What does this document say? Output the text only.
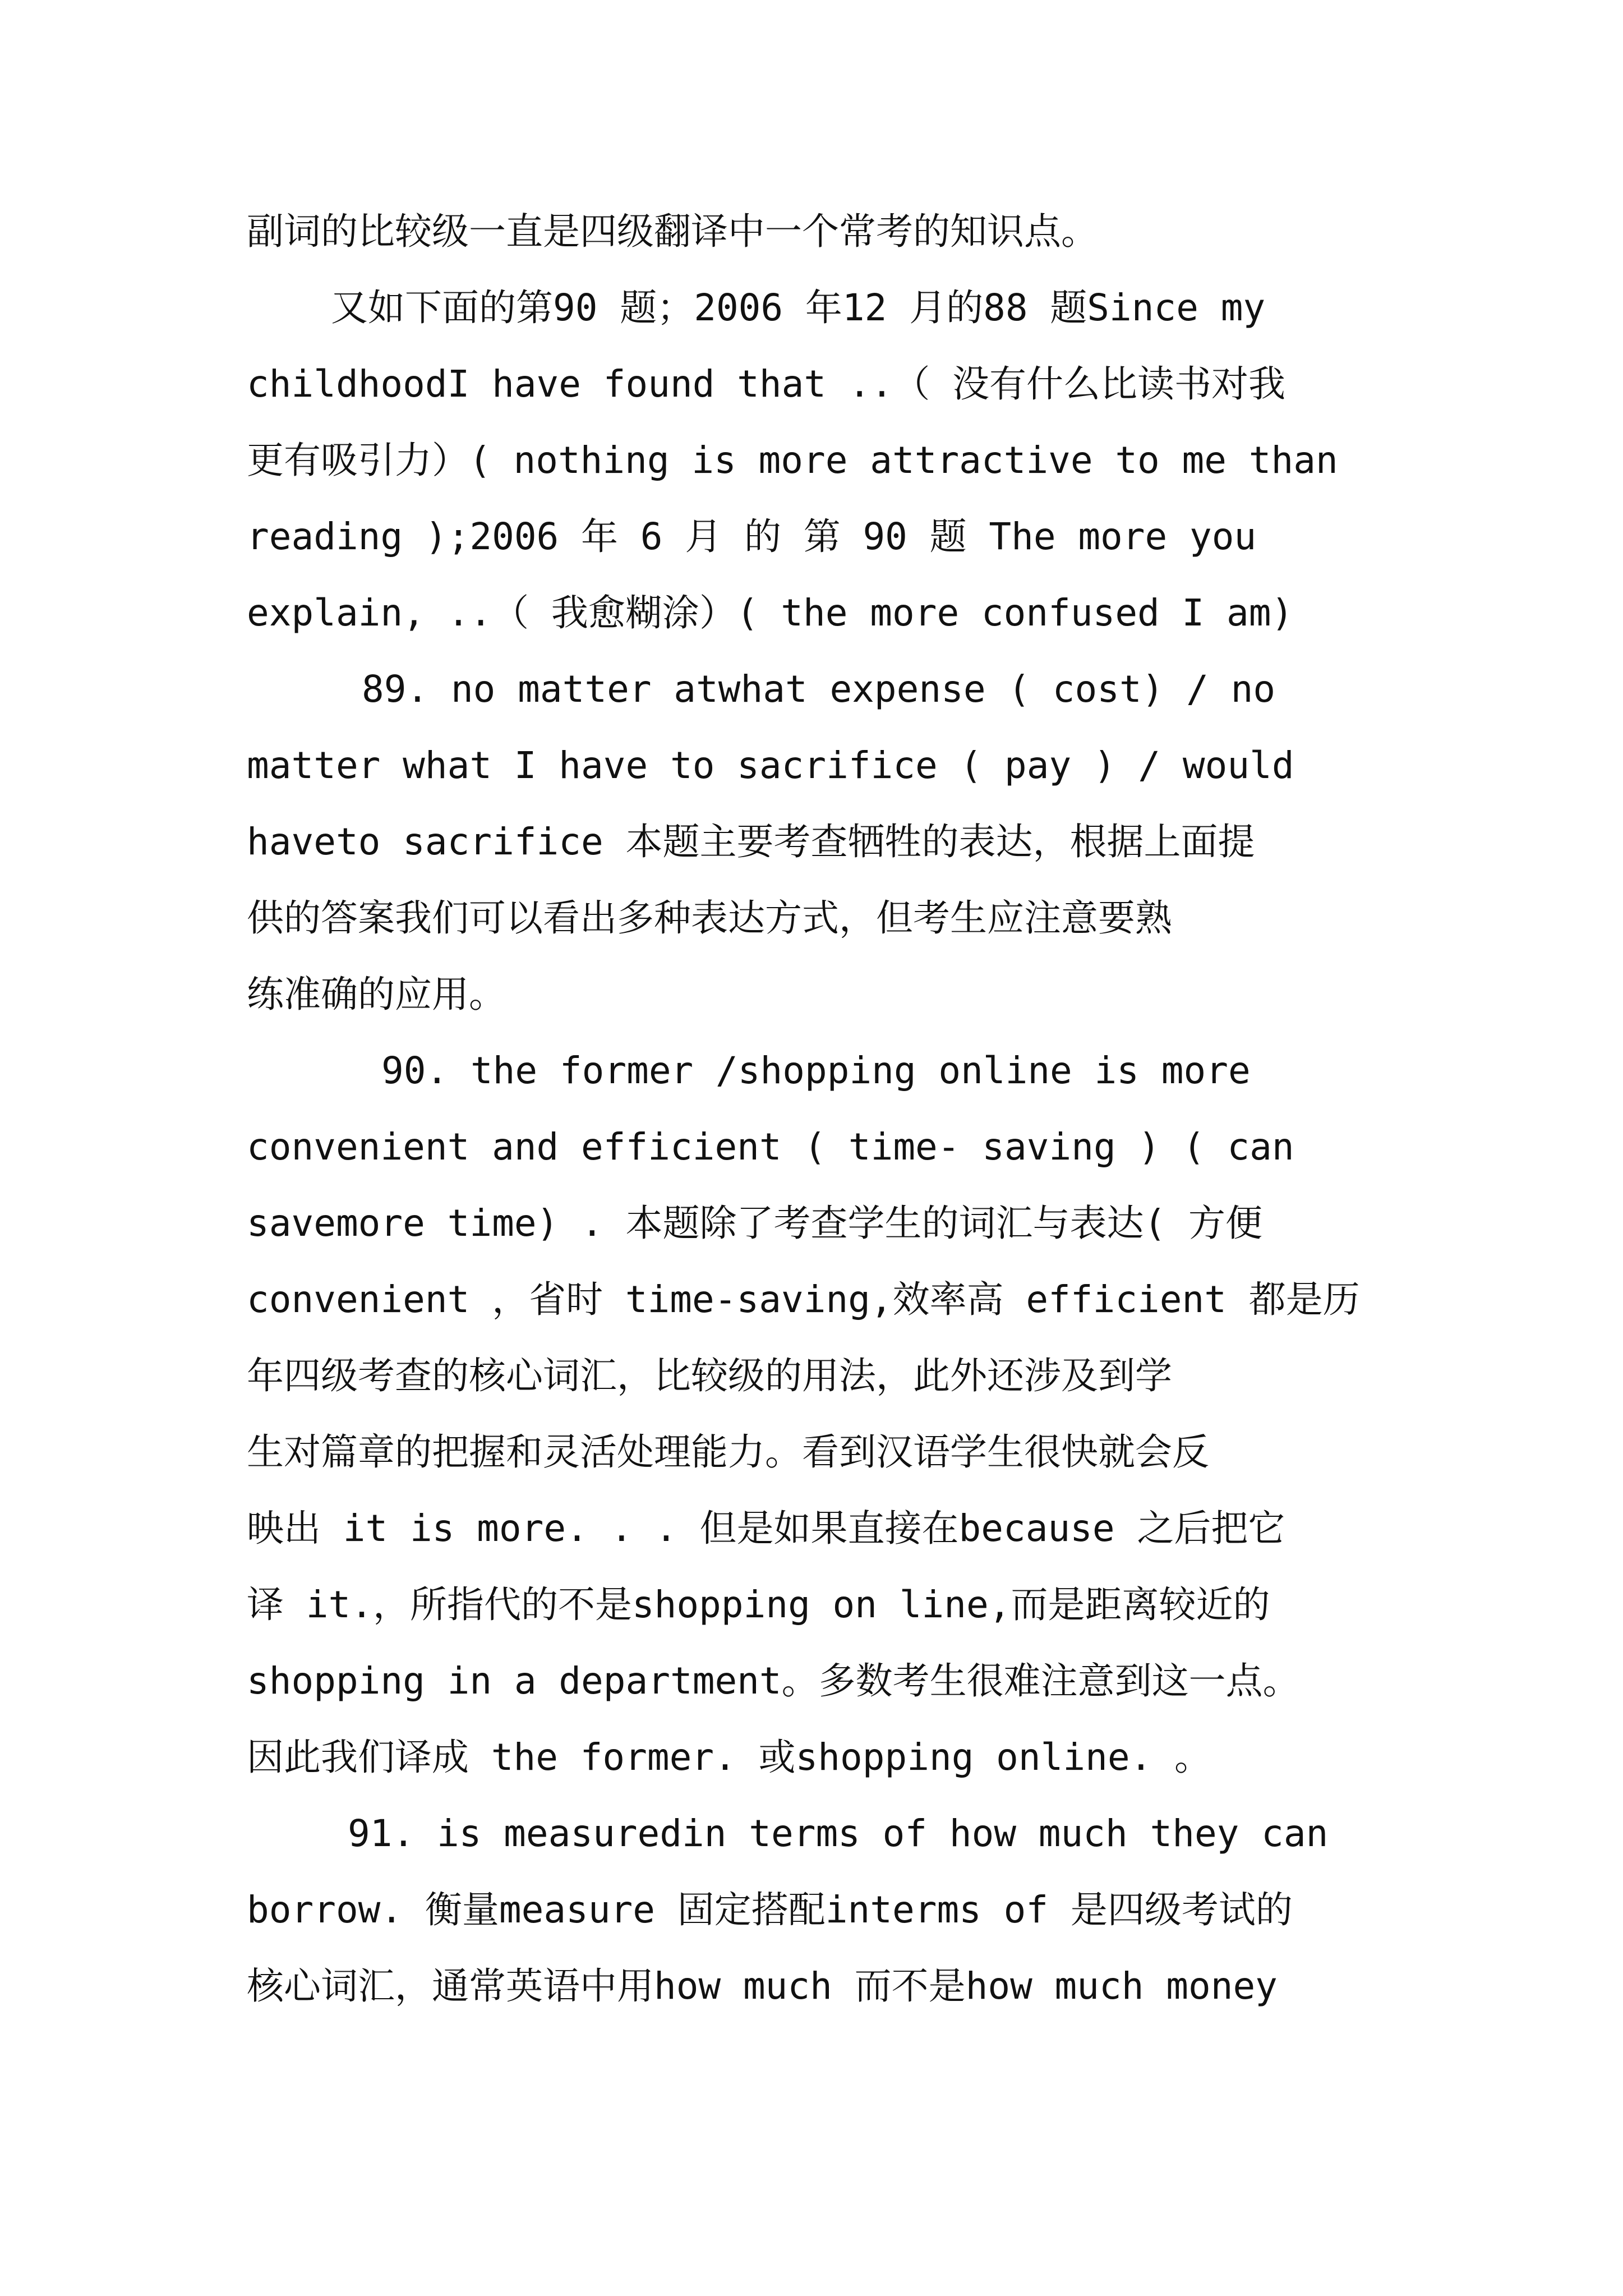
副词的比较级一直是四级翻译中一个常考的知识点。
又如下面的第90 题；2006 年12 月的88 题Since my
childhoodI have found that ..（ 没有什么比读书对我
更有吸引力）( nothing is more attractive to me than
reading );2006 年 6 月 的 第 90 题 The more you
explain, ..（ 我愈糊涂）( the more confused I am)
89. no matter atwhat expense ( cost) / no
matter what I have to sacrifice ( pay ) / would
haveto sacrifice 本题主要考查牺牲的表达，根据上面提
供的答案我们可以看出多种表达方式，但考生应注意要熟
练准确的应用。
90. the former /shopping online is more
convenient and efficient ( time- saving ) ( can
savemore time) . 本题除了考查学生的词汇与表达( 方便
convenient ，省时 time-saving,效率高 efficient 都是历
年四级考查的核心词汇，比较级的用法，此外还涉及到学
生对篇章的把握和灵活处理能力。看到汉语学生很快就会反
映出 it is more. . . 但是如果直接在because 之后把它
译 it.，所指代的不是shopping on line,而是距离较近的
shopping in a department。多数考生很难注意到这一点。
因此我们译成 the former. 或shopping online. 。
91. is measuredin terms of how much they can
borrow. 衡量measure 固定搭配interms of 是四级考试的
核心词汇，通常英语中用how much 而不是how much money
